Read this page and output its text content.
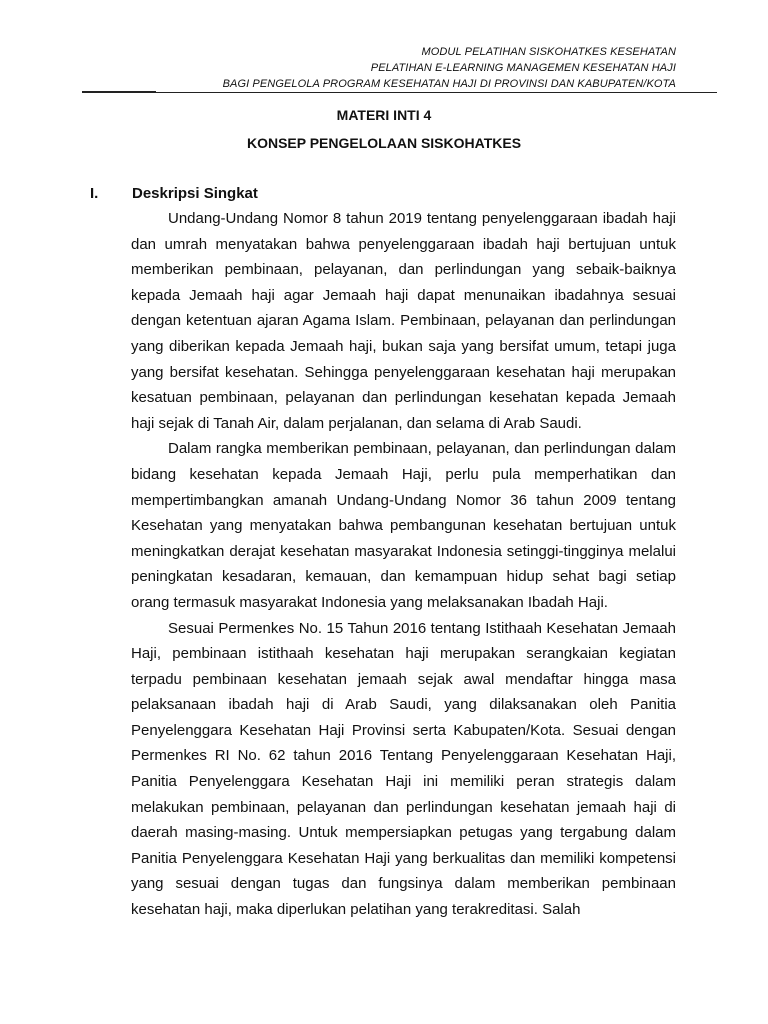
MODUL PELATIHAN SISKOHATKES KESEHATAN
PELATIHAN E-LEARNING MANAGEMEN KESEHATAN HAJI
BAGI PENGELOLA PROGRAM KESEHATAN HAJI DI PROVINSI DAN KABUPATEN/KOTA
MATERI INTI 4
KONSEP PENGELOLAAN SISKOHATKES
I. Deskripsi Singkat

Undang-Undang Nomor 8 tahun 2019 tentang penyelenggaraan ibadah haji dan umrah menyatakan bahwa penyelenggaraan ibadah haji bertujuan untuk memberikan pembinaan, pelayanan, dan perlindungan yang sebaik-baiknya kepada Jemaah haji agar Jemaah haji dapat menunaikan ibadahnya sesuai dengan ketentuan ajaran Agama Islam. Pembinaan, pelayanan dan perlindungan yang diberikan kepada Jemaah haji, bukan saja yang bersifat umum, tetapi juga yang bersifat kesehatan. Sehingga penyelenggaraan kesehatan haji merupakan kesatuan pembinaan, pelayanan dan perlindungan kesehatan kepada Jemaah haji sejak di Tanah Air, dalam perjalanan, dan selama di Arab Saudi.

Dalam rangka memberikan pembinaan, pelayanan, dan perlindungan dalam bidang kesehatan kepada Jemaah Haji, perlu pula memperhatikan dan mempertimbangkan amanah Undang-Undang Nomor 36 tahun 2009 tentang Kesehatan yang menyatakan bahwa pembangunan kesehatan bertujuan untuk meningkatkan derajat kesehatan masyarakat Indonesia setinggi-tingginya melalui peningkatan kesadaran, kemauan, dan kemampuan hidup sehat bagi setiap orang termasuk masyarakat Indonesia yang melaksanakan Ibadah Haji.

Sesuai Permenkes No. 15 Tahun 2016 tentang Istithaah Kesehatan Jemaah Haji, pembinaan istithaah kesehatan haji merupakan serangkaian kegiatan terpadu pembinaan kesehatan jemaah sejak awal mendaftar hingga masa pelaksanaan ibadah haji di Arab Saudi, yang dilaksanakan oleh Panitia Penyelenggara Kesehatan Haji Provinsi serta Kabupaten/Kota. Sesuai dengan Permenkes RI No. 62 tahun 2016 Tentang Penyelenggaraan Kesehatan Haji, Panitia Penyelenggara Kesehatan Haji ini memiliki peran strategis dalam melakukan pembinaan, pelayanan dan perlindungan kesehatan jemaah haji di daerah masing-masing. Untuk mempersiapkan petugas yang tergabung dalam Panitia Penyelenggara Kesehatan Haji yang berkualitas dan memiliki kompetensi yang sesuai dengan tugas dan fungsinya dalam memberikan pembinaan kesehatan haji, maka diperlukan pelatihan yang terakreditasi. Salah
